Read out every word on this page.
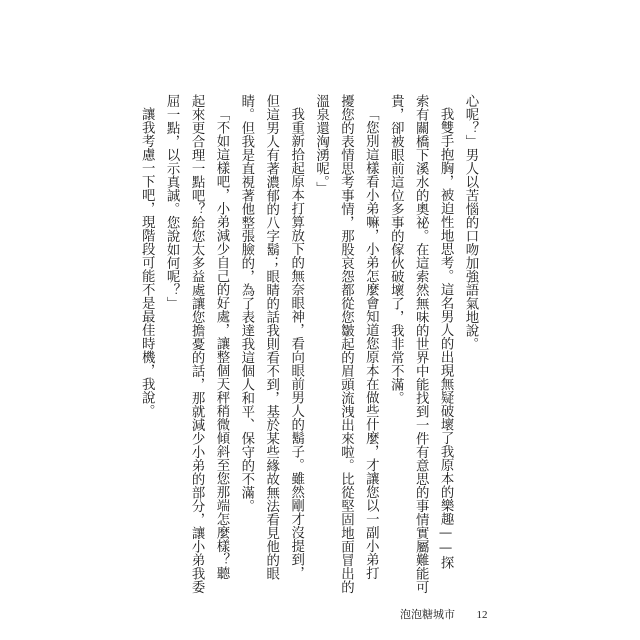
心呢？」男人以苦惱的口吻加強語氣地說。

我雙手抱胸，被迫性地思考。這名男人的出現無疑破壞了我原本的樂趣——探

索有關橋下溪水的奧祕。在這索然無味的世界中能找到一件有意思的事情實屬難能可

貴，卻被眼前這位多事的傢伙破壞了，我非常不滿。

「您別這樣看小弟嘛，小弟怎麼會知道您原本在做些什麼，才讓您以一副小弟打

擾您的表情思考事情，那股哀怨都從您皺起的眉頭流洩出來啦。比從堅固地面冒出的

溫泉還洶湧呢。」

我重新拾起原本打算放下的無奈眼神，看向眼前男人的鬍子。雖然剛才沒提到，

但這男人有著濃郁的八字鬍；眼睛的話我則看不到，基於某些緣故無法看見他的眼

睛。但我是直視著他整張臉的，為了表達我這個人和平、保守的不滿。

「不如這樣吧，小弟減少自己的好處，讓整個天秤稍微傾斜至您那端怎麼樣？聽

起來更合理一點吧？給您太多益處讓您擔憂的話，那就減少小弟的部分，讓小弟我委

屈一點，以示真誠。您說如何呢？」

讓我考慮一下吧，現階段可能不是最佳時機，我說。

泡泡糖城市 12
